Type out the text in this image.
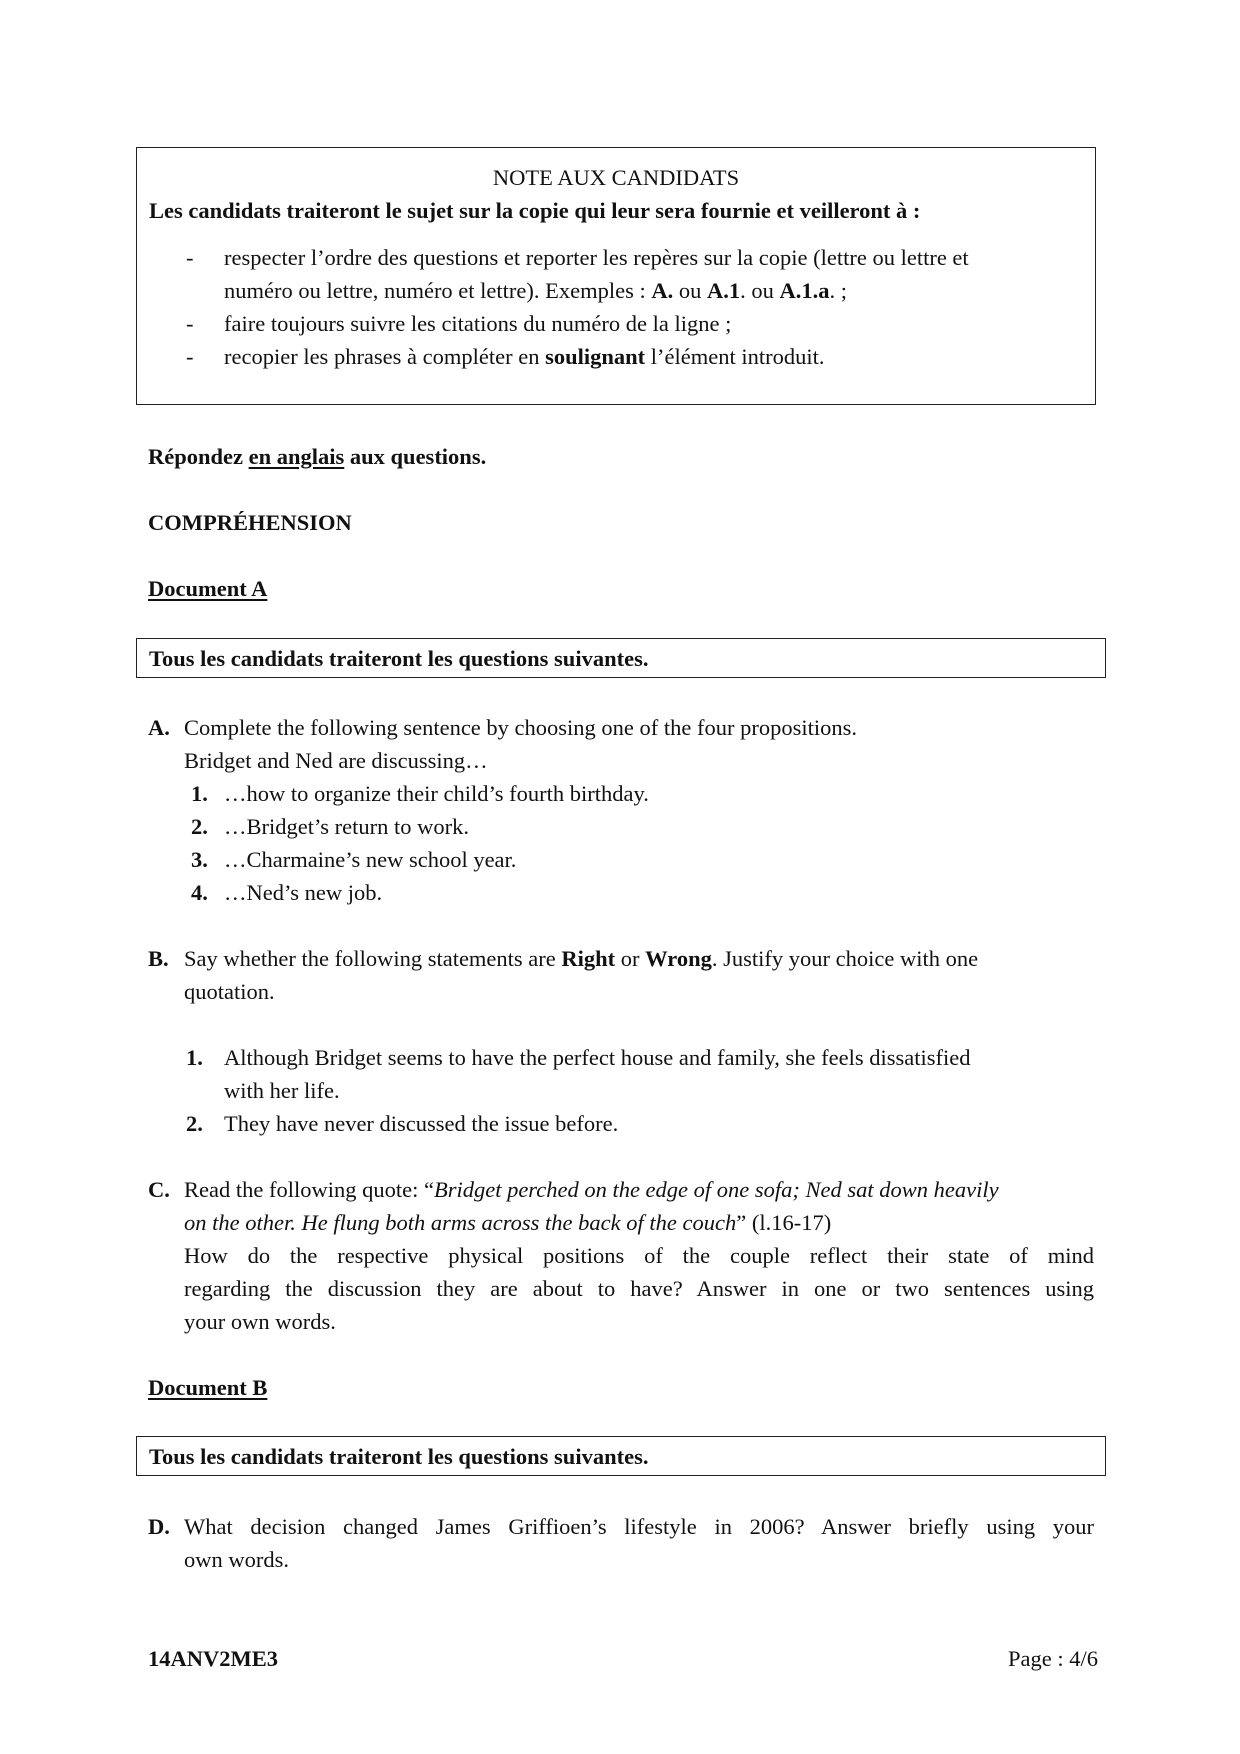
NOTE AUX CANDIDATS
Les candidats traiteront le sujet sur la copie qui leur sera fournie et veilleront à :
- respecter l’ordre des questions et reporter les repères sur la copie (lettre ou lettre et
numéro ou lettre, numéro et lettre). Exemples : A. ou A.1. ou A.1.a. ;
- faire toujours suivre les citations du numéro de la ligne ;
- recopier les phrases à compléter en soulignant l’élément introduit.
Répondez en anglais aux questions.
COMPRÉHENSION
Document A
Tous les candidats traiteront les questions suivantes.
A. Complete the following sentence by choosing one of the four propositions.
Bridget and Ned are discussing…
1. …how to organize their child’s fourth birthday.
2. …Bridget’s return to work.
3. …Charmaine’s new school year.
4. …Ned’s new job.
B. Say whether the following statements are Right or Wrong. Justify your choice with one
quotation.
1. Although Bridget seems to have the perfect house and family, she feels dissatisfied
with her life.
2. They have never discussed the issue before.
C. Read the following quote: “Bridget perched on the edge of one sofa; Ned sat down heavily
on the other. He flung both arms across the back of the couch” (l.16-17)
How do the respective physical positions of the couple reflect their state of mind
regarding the discussion they are about to have? Answer in one or two sentences using
your own words.
Document B
Tous les candidats traiteront les questions suivantes.
D. What decision changed James Griffioen’s lifestyle in 2006? Answer briefly using your
own words.
14ANV2ME3	Page : 4/6
